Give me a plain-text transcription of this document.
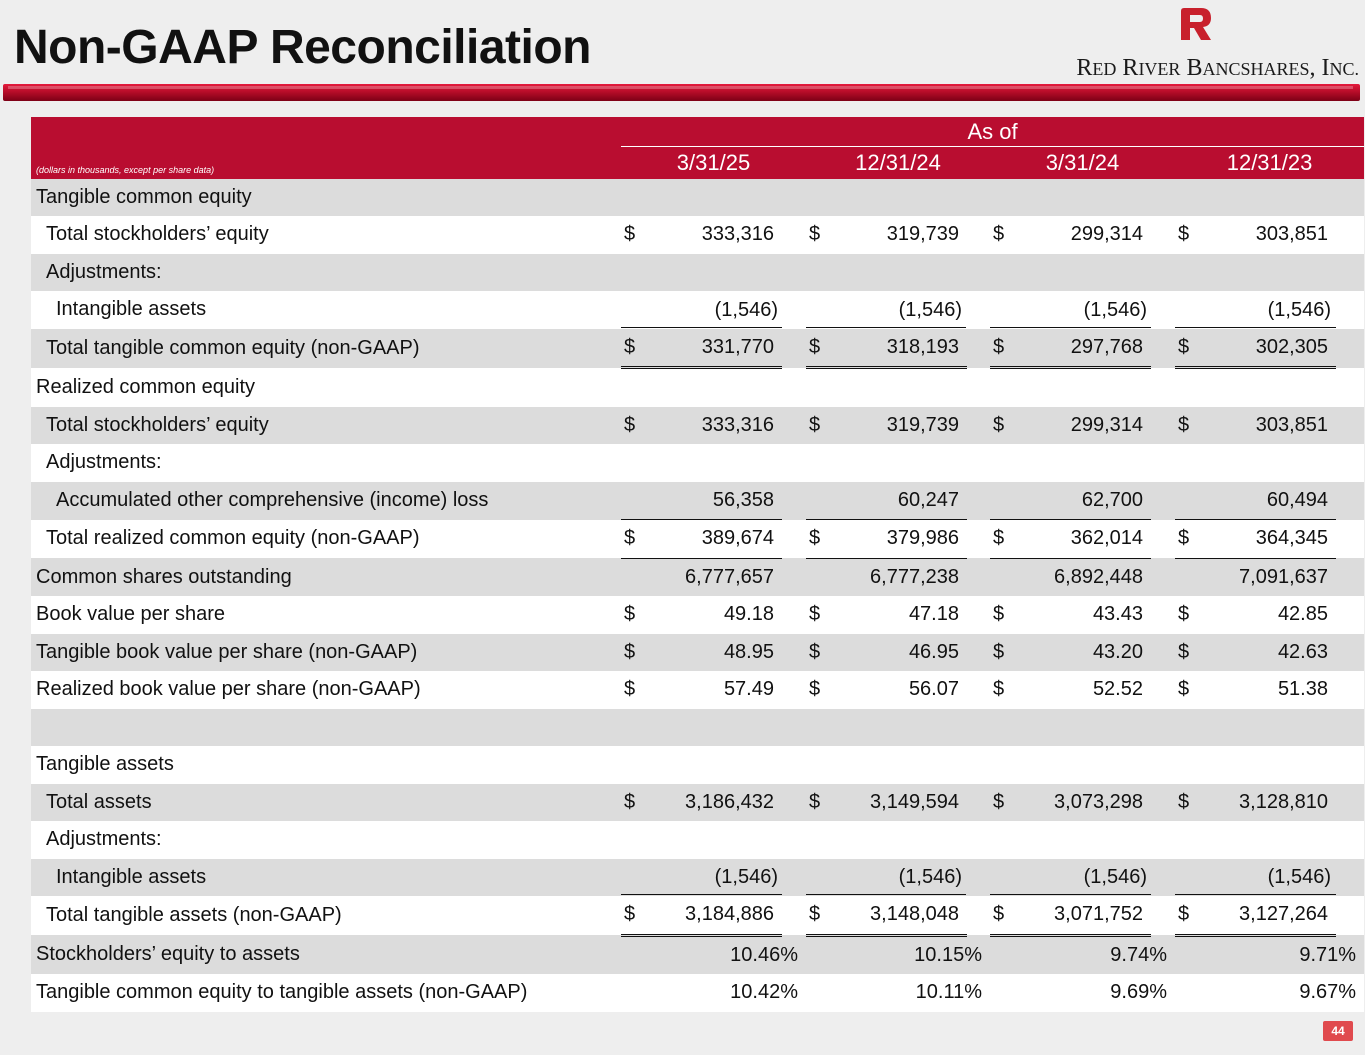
Non-GAAP Reconciliation	RED RIVER BANCSHARES, INC.
	As of											
(dollars in thousands, except per share data)	3/31/25			12/31/24			3/31/24			12/31/23		
Tangible common equity												
Total stockholders’ equity	$	333,316		$	319,739		$	299,314		$	303,851	
Adjustments:												
Intangible assets	(1,546)			(1,546)			(1,546)			(1,546)		

Total tangible common equity (non-GAAP)	$	331,770		$	318,193		$	297,768		$	302,305	
Realized common equity												
Total stockholders’ equity	$	333,316		$	319,739		$	299,314		$	303,851	
Adjustments:												
Accumulated other comprehensive (income) loss		56,358			60,247			62,700			60,494	
Total realized common equity (non-GAAP)	$	389,674		$	379,986		$	362,014		$	364,345	
Common shares outstanding		6,777,657			6,777,238			6,892,448			7,091,637	
Book value per share	$	49.18		$	47.18		$	43.43		$	42.85	
Tangible book value per share (non-GAAP)	$	48.95		$	46.95		$	43.20		$	42.63	
Realized book value per share (non-GAAP)	$	57.49		$	56.07		$	52.52		$	51.38	

Tangible assets												
Total assets	$	3,186,432		$	3,149,594		$	3,073,298		$	3,128,810	
Adjustments:												
Intangible assets	(1,546)			(1,546)			(1,546)			(1,546)		

Total tangible assets (non-GAAP)	$	3,184,886		$	3,148,048		$	3,071,752		$	3,127,264	
Stockholders’ equity to assets	10.46%			10.15%			9.74%			9.71%		
Tangible common equity to tangible assets (non-GAAP)	10.42%			10.11%			9.69%			9.67%		
44
